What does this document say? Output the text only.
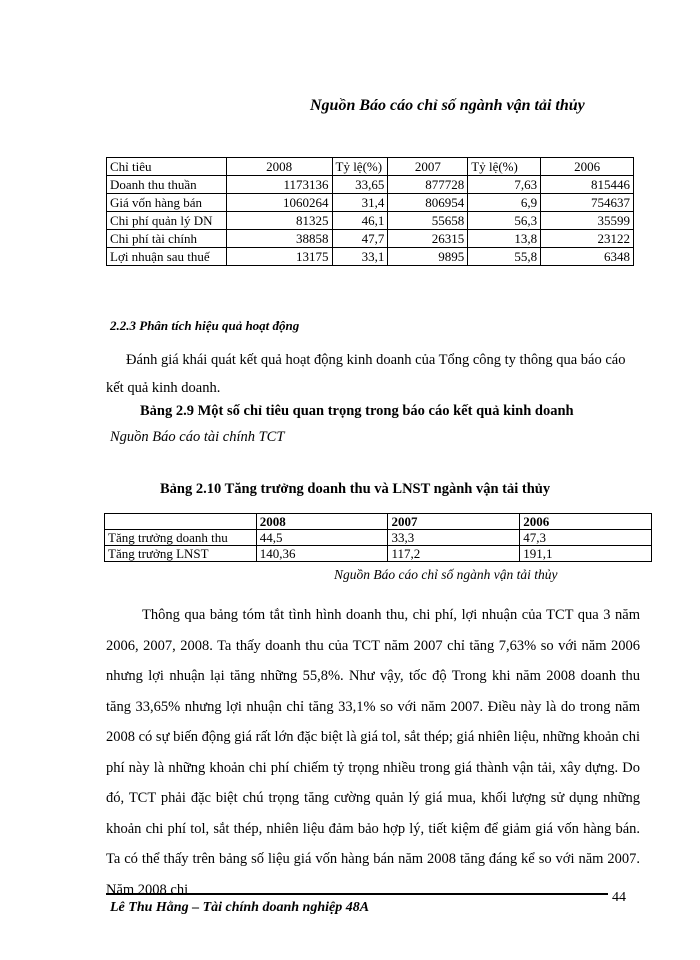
Nguồn Báo cáo chỉ số ngành vận tải thủy
Chỉ tiêu	2008	Tỷ lệ(%)	2007	Tỷ lệ(%)	2006
Doanh thu thuần	1173136	33,65	877728	7,63	815446
Giá vốn hàng bán	1060264	31,4	806954	6,9	754637
Chi phí quản lý DN	81325	46,1	55658	56,3	35599
Chi phí tài chính	38858	47,7	26315	13,8	23122
Lợi nhuận sau thuế	13175	33,1	9895	55,8	6348
2.2.3 Phân tích hiệu quả hoạt động
Đánh giá khái quát kết quả hoạt động kinh doanh của Tổng công ty thông qua báo cáo kết quả kinh doanh.
Bảng 2.9 Một số chỉ tiêu quan trọng trong báo cáo kết quả kinh doanh
Nguồn Báo cáo tài chính TCT
Bảng 2.10 Tăng trưởng doanh thu và LNST ngành vận tải thủy
	2008	2007	2006
Tăng trưởng doanh thu	44,5	33,3	47,3
Tăng trưởng LNST	140,36	117,2	191,1
Nguồn Báo cáo chỉ số ngành vận tải thủy

Thông qua bảng tóm tắt tình hình doanh thu, chi phí, lợi nhuận của TCT qua 3 năm 2006, 2007, 2008. Ta thấy doanh thu của TCT năm 2007 chỉ tăng 7,63% so với năm 2006 nhưng lợi nhuận lại tăng những 55,8%. Như vậy, tốc độ Trong khi năm 2008 doanh thu tăng 33,65% nhưng lợi nhuận chỉ tăng 33,1% so với năm 2007. Điều này là do trong năm 2008 có sự biến động giá rất lớn đặc biệt là giá tol, sắt thép; giá nhiên liệu, những khoản chi phí này là những khoản chi phí chiếm tỷ trọng nhiều trong giá thành vận tải, xây dựng. Do đó, TCT phải đặc biệt chú trọng tăng cường quản lý giá mua, khối lượng sử dụng những khoản chi phí tol, sắt thép, nhiên liệu đảm bảo hợp lý, tiết kiệm để giảm giá vốn hàng bán. Ta có thể thấy trên bảng số liệu giá vốn hàng bán năm 2008 tăng đáng kể so với năm 2007. Năm 2008 chi

Lê Thu Hằng – Tài chính doanh nghiệp 48A
44
